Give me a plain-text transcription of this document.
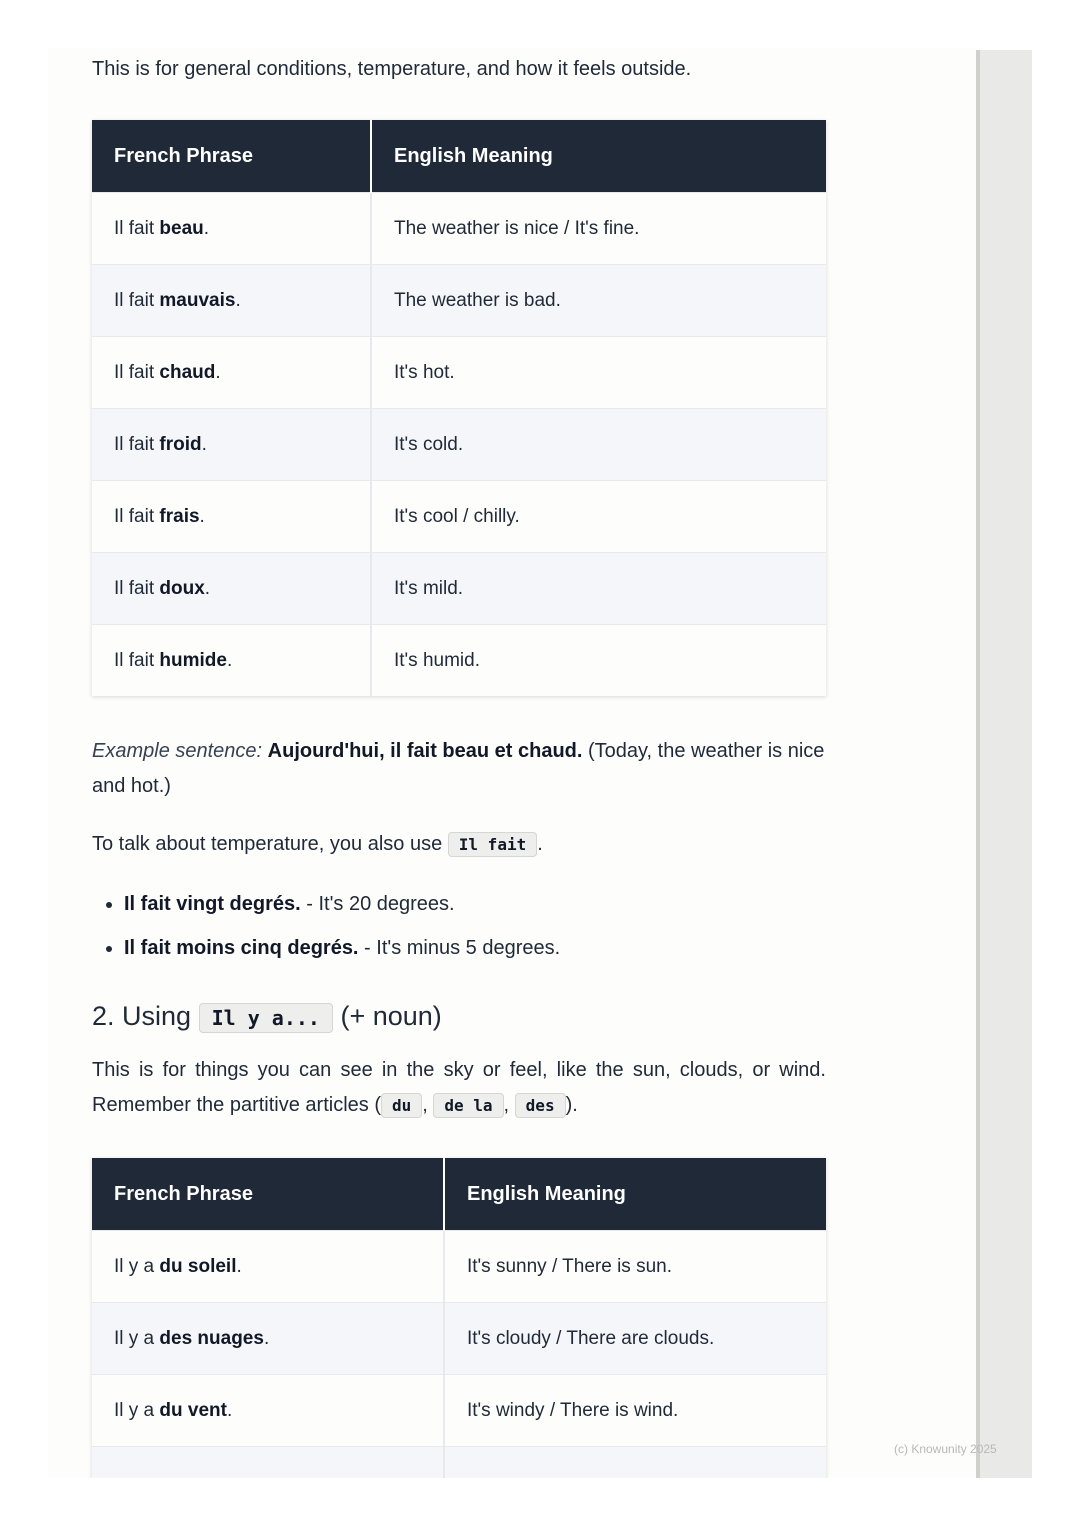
This is for general conditions, temperature, and how it feels outside.

French Phrase	English Meaning
Il fait beau.	The weather is nice / It's fine.
Il fait mauvais.	The weather is bad.
Il fait chaud.	It's hot.
Il fait froid.	It's cold.
Il fait frais.	It's cool / chilly.
Il fait doux.	It's mild.
Il fait humide.	It's humid.

Example sentence: Aujourd'hui, il fait beau et chaud. (Today, the weather is nice and hot.)

To talk about temperature, you also use Il fait .

• Il fait vingt degrés. - It's 20 degrees.
• Il fait moins cinq degrés. - It's minus 5 degrees.
2. Using Il y a... (+ noun)

This is for things you can see in the sky or feel, like the sun, clouds, or wind. Remember the partitive articles ( du , de la , des ).

French Phrase	English Meaning
Il y a du soleil.	It's sunny / There is sun.
Il y a des nuages.	It's cloudy / There are clouds.
Il y a du vent.	It's windy / There is wind.

(c) Knowunity 2025
